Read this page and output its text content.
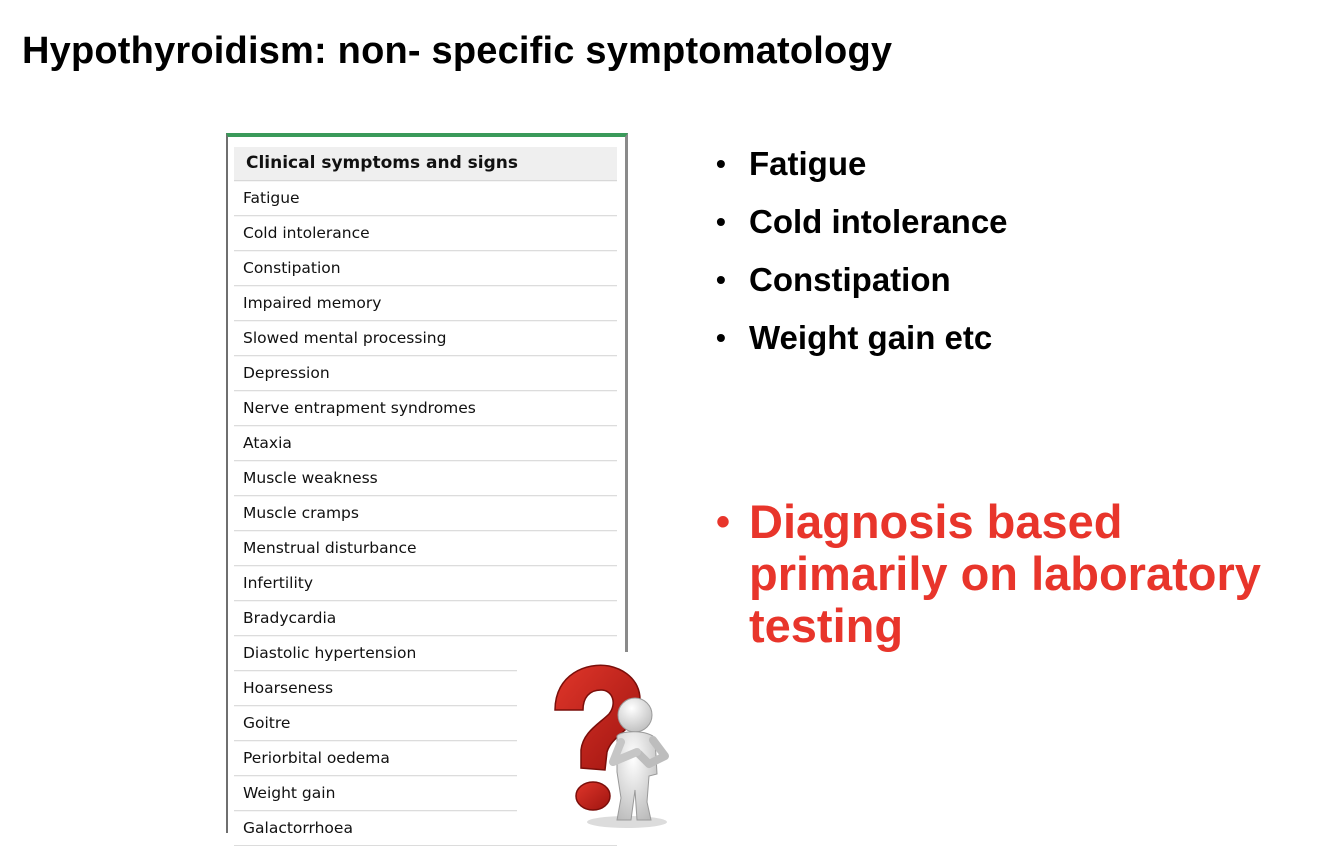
Hypothyroidism: non- specific symptomatology
Clinical symptoms and signs
Fatigue
Cold intolerance
Constipation
Impaired memory
Slowed mental processing
Depression
Nerve entrapment syndromes
Ataxia
Muscle weakness
Muscle cramps
Menstrual disturbance
Infertility
Bradycardia
Diastolic hypertension
Hoarseness
Goitre
Periorbital oedema
Weight gain
Galactorrhoea
• Fatigue
• Cold intolerance
• Constipation
• Weight gain etc
• Diagnosis based primarily on laboratory testing
